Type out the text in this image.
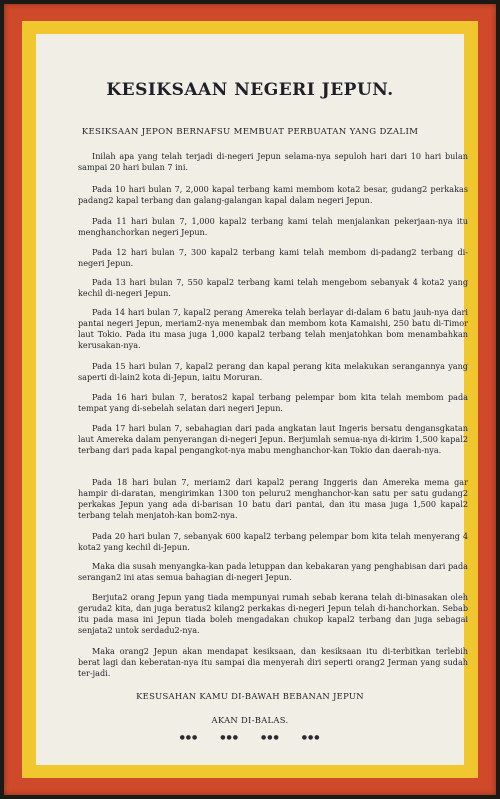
KESIKSAAN NEGERI JEPUN.
KESIKSAAN JEPON BERNAFSU MEMBUAT PERBUATAN YANG DZALIM
Inilah apa yang telah terjadi di-negeri Jepun selama-nya sepuloh hari dari 10 hari bulan sampai 20 hari bulan 7 ini.
Pada 10 hari bulan 7, 2,000 kapal terbang kami membom kota2 besar, gudang2 perkakas padang2 kapal terbang dan galang-galangan kapal dalam negeri Jepun.
Pada 11 hari bulan 7, 1,000 kapal2 terbang kami telah menjalankan pekerjaan-nya itu menghanchorkan negeri Jepun.
Pada 12 hari bulan 7, 300 kapal2 terbang kami telah membom di-padang2 terbang di-negeri Jepun.
Pada 13 hari bulan 7, 550 kapal2 terbang kami telah mengebom sebanyak 4 kota2 yang kechil di-negeri Jepun.
Pada 14 hari bulan 7, kapal2 perang Amereka telah berlayar di-dalam 6 batu jauh-nya dari pantai negeri Jepun, meriam2-nya menembak dan membom kota Kamaishi, 250 batu di-Timor laut Tokio. Pada itu masa juga 1,000 kapal2 terbang telah menjatohkan bom menambahkan kerusakan-nya.
Pada 15 hari bulan 7, kapal2 perang dan kapal perang kita melakukan serangannya yang saperti di-lain2 kota di-Jepun, iaitu Moruran.
Pada 16 hari bulan 7, beratos2 kapal terbang pelempar bom kita telah membom pada tempat yang di-sebelah selatan dari negeri Jepun.
Pada 17 hari bulan 7, sebahagian dari pada angkatan laut Ingeris bersatu dengansgkatan laut Amereka dalam penyerangan di-negeri Jepun. Berjumlah semua-nya di-kirim 1,500 kapal2 terbang dari pada kapal pengangkot-nya mabu menghanchor-kan Tokio dan daerah-nya.
Pada 18 hari bulan 7, meriam2 dari kapal2 perang Inggeris dan Amereka mema gar hampir di-daratan, mengirimkan 1300 ton peluru2 menghanchor-kan satu per satu gudang2 perkakas Jepun yang ada di-barisan 10 batu dari pantai, dan itu masa juga 1,500 kapal2 terbang telah menjatoh-kan bom2-nya.
Pada 20 hari bulan 7, sebanyak 600 kapal2 terbang pelempar bom kita telah menyerang 4 kota2 yang kechil di-Jepun.
Maka dia susah menyangka-kan pada letuppan dan kebakaran yang penghabisan dari pada serangan2 ini atas semua bahagian di-negeri Jepun.
Berjuta2 orang Jepun yang tiada mempunyai rumah sebab kerana telah di-binasakan oleh geruda2 kita, dan juga beratus2 kilang2 perkakas di-negeri Jepun telah di-hanchorkan. Sebab itu pada masa ini Jepun tiada boleh mengadakan chukop kapal2 terbang dan juga sebagai senjata2 untok serdadu2-nya.
Maka orang2 Jepun akan mendapat kesiksaan, dan kesiksaan itu di-terbitkan terlebih berat lagi dan keberatan-nya itu sampai dia menyerah diri seperti orang2 Jerman yang sudah ter-jadi.
KESUSAHAN KAMU DI-BAWAH BEBANAN JEPUN
AKAN DI-BALAS.
●●●	●●●	●●●	●●●
